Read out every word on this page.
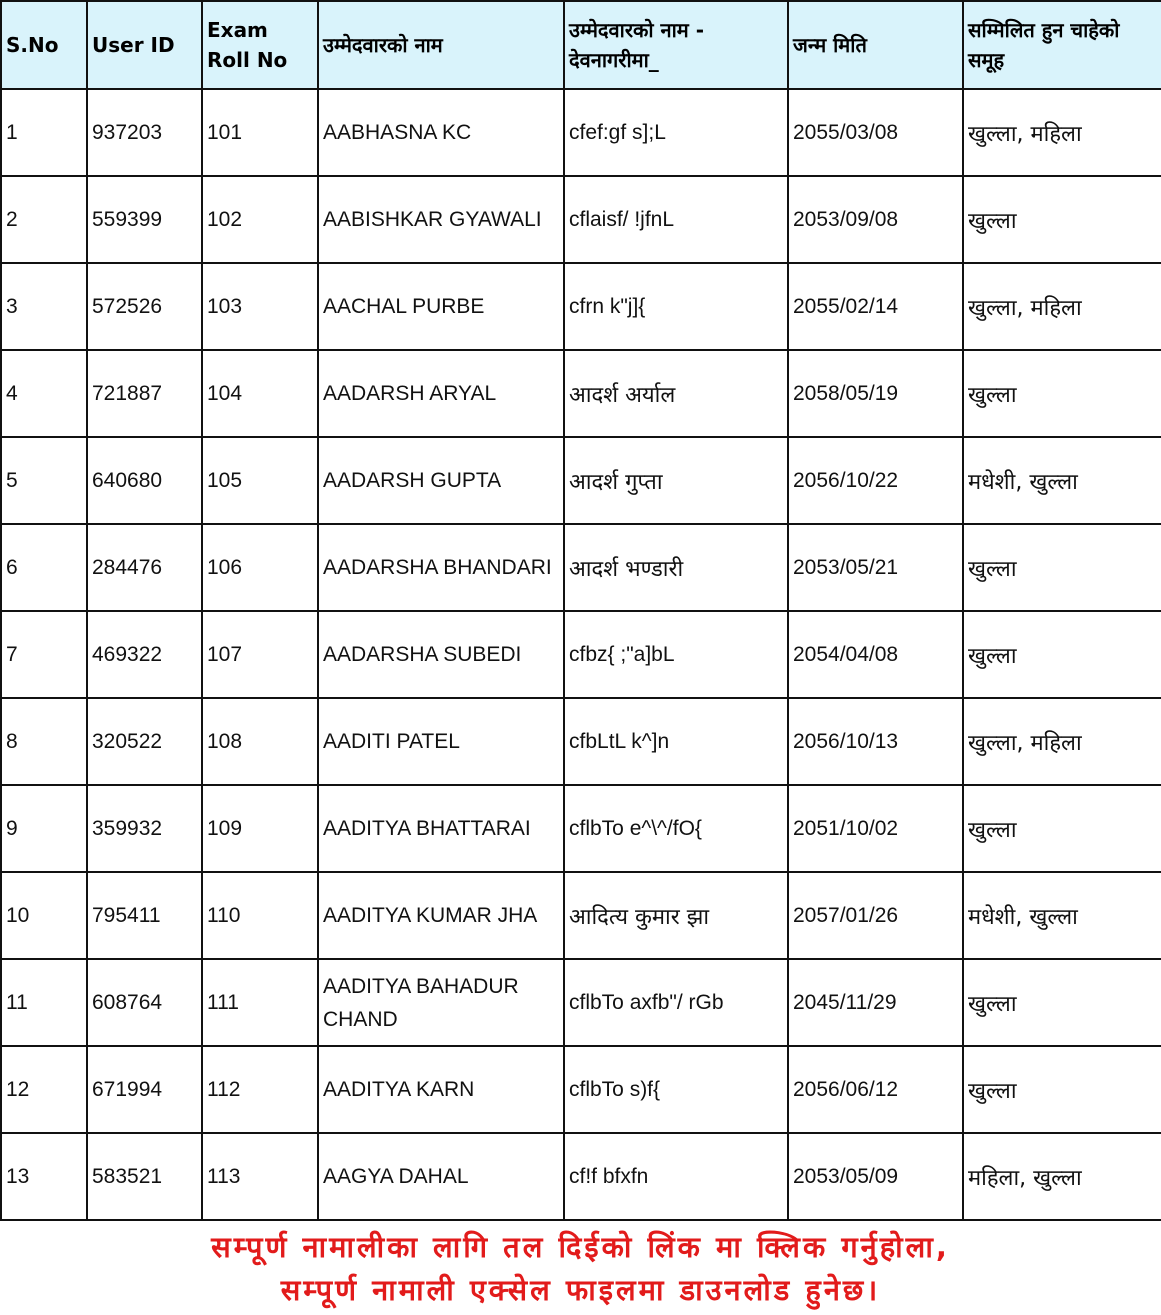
S.No	User ID	Exam Roll No	उम्मेदवारको नाम	उम्मेदवारको नाम - देवनागरीमा_	जन्म मिति	सम्मिलित हुन चाहेको समूह
1	937203	101	AABHASNA KC	cfef:gf s];L	2055/03/08	खुल्ला, महिला
2	559399	102	AABISHKAR GYAWALI	cflaisf/ !jfnL	2053/09/08	खुल्ला
3	572526	103	AACHAL PURBE	cfrn k"j]{	2055/02/14	खुल्ला, महिला
4	721887	104	AADARSH ARYAL	आदर्श अर्याल	2058/05/19	खुल्ला
5	640680	105	AADARSH GUPTA	आदर्श गुप्ता	2056/10/22	मधेशी, खुल्ला
6	284476	106	AADARSHA BHANDARI	आदर्श भण्डारी	2053/05/21	खुल्ला
7	469322	107	AADARSHA SUBEDI	cfbz{ ;"a]bL	2054/04/08	खुल्ला
8	320522	108	AADITI PATEL	cfbLtL k^]n	2056/10/13	खुल्ला, महिला
9	359932	109	AADITYA BHATTARAI	cflbTo e^\^/fO{	2051/10/02	खुल्ला
10	795411	110	AADITYA KUMAR JHA	आदित्य कुमार झा	2057/01/26	मधेशी, खुल्ला
11	608764	111	AADITYA BAHADUR CHAND	cflbTo axfb"/ rGb	2045/11/29	खुल्ला
12	671994	112	AADITYA KARN	cflbTo s)f{	2056/06/12	खुल्ला
13	583521	113	AAGYA DAHAL	cf!f bfxfn	2053/05/09	महिला, खुल्ला
सम्पूर्ण नामालीका लागि तल दिईको लिंक मा क्लिक गर्नुहोला,
सम्पूर्ण नामाली एक्सेल फाइलमा डाउनलोड हुनेछ।
